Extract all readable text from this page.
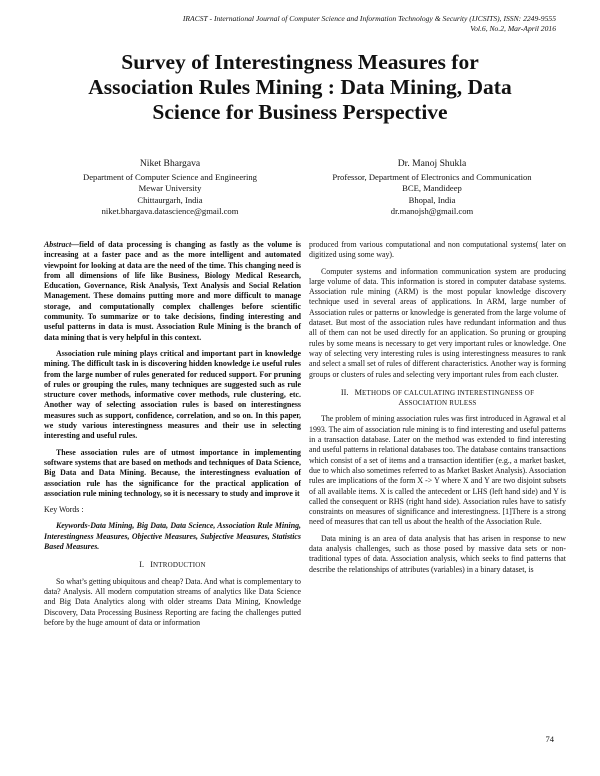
IRACST - International Journal of Computer Science and Information Technology & Security (IJCSITS), ISSN: 2249-9555
Vol.6, No.2, Mar-April 2016
Survey of Interestingness Measures for
Association Rules Mining : Data Mining, Data
Science for Business Perspective
Niket Bhargava
Department of Computer Science and Engineering
Mewar University
Chittaurgarh, India
niket.bhargava.datascience@gmail.com
Dr. Manoj Shukla
Professor, Department of Electronics and Communication
BCE, Mandideep
Bhopal, India
dr.manojsh@gmail.com

Abstract—field of data processing is changing as fastly as the volume is increasing at a faster pace and as the more intelligent and automated viewpoint for looking at data are the need of the time. This changing need is from all dimensions of life like Business, Biology Medical Research, Education, Governance, Risk Analysis, Text Analysis and Social Relation Management. These domains putting more and more difficult to manage storage, and computationally complex challenges before scientific community. To summarize or to take decisions, finding interesting and useful patterns in data is must. Association Rule Mining is the branch of data mining that is very helpful in this context.

Association rule mining plays critical and important part in knowledge mining. The difficult task in is discovering hidden knowledge i.e useful rules from the large number of rules generated for reduced support. For pruning of rules or grouping the rules, many techniques are suggested such as rule structure cover methods, informative cover methods, rule clustering, etc. Another way of selecting association rules is based on interestingness measures such as support, confidence, correlation, and so on. In this paper, we study various interestingness measures and their use in selecting interesting and useful rules.

These association rules are of utmost importance in implementing software systems that are based on methods and techniques of Data Science, Big Data and Data Mining. Because, the interestingness evaluation of association rule has the significance for the practical application of association rule mining technology, so it is necessary to study and improve it

Key Words :

Keywords-Data Mining, Big Data, Data Science, Association Rule Mining, Interestingness Measures, Objective Measures, Subjective Measures, Statistics Based Measures.

I. INTRODUCTION

So what’s getting ubiquitous and cheap? Data. And what is complementary to data? Analysis. All modern computation streams of analytics like Data Science and Big Data Analytics along with older streams Data Mining, Knowledge Discovery, Data Processing Business Reporting are facing the challenges putted before by the huge amount of data or information

produced from various computational and non computational systems( later on digitized using some way).

Computer systems and information communication system are producing large volume of data. This information is stored in computer database systems. Association rule mining (ARM) is the most popular knowledge discovery technique used in several areas of applications. In ARM, large number of Association rules or patterns or knowledge is generated from the large volume of dataset. But most of the association rules have redundant information and thus all of them can not be used directly for an application. So pruning or grouping rules by some means is necessary to get very important rules or knowledge. One way of selecting very interesting rules is using interestingness measures to rank and select a small set of rules of different characteristics. Another way is forming groups or clusters of rules and selecting very important rules from each cluster.

II. METHODS OF CALCULATING INTERESTINGNESS OF
ASSOCIATION RULESS

The problem of mining association rules was first introduced in Agrawal et al 1993. The aim of association rule mining is to find interesting and useful patterns in a transaction database. Later on the method was extended to find interesting and useful patterns in relational databases too. The database contains transactions which consist of a set of items and a transaction identifier (e.g., a market basket, due to which also sometimes referred to as Market Basket Analysis). Association rules are implications of the form X -> Y where X and Y are two disjoint subsets of all available items. X is called the antecedent or LHS (left hand side) and Y is called the consequent or RHS (right hand side). Association rules have to satisfy constraints on measures of significance and interestingness. [1]There is a strong need of measures that can tell us about the health of the Association Rule.

Data mining is an area of data analysis that has arisen in response to new data analysis challenges, such as those posed by massive data sets or non-traditional types of data. Association analysis, which seeks to find patterns that describe the relationships of attributes (variables) in a binary dataset, is

74
